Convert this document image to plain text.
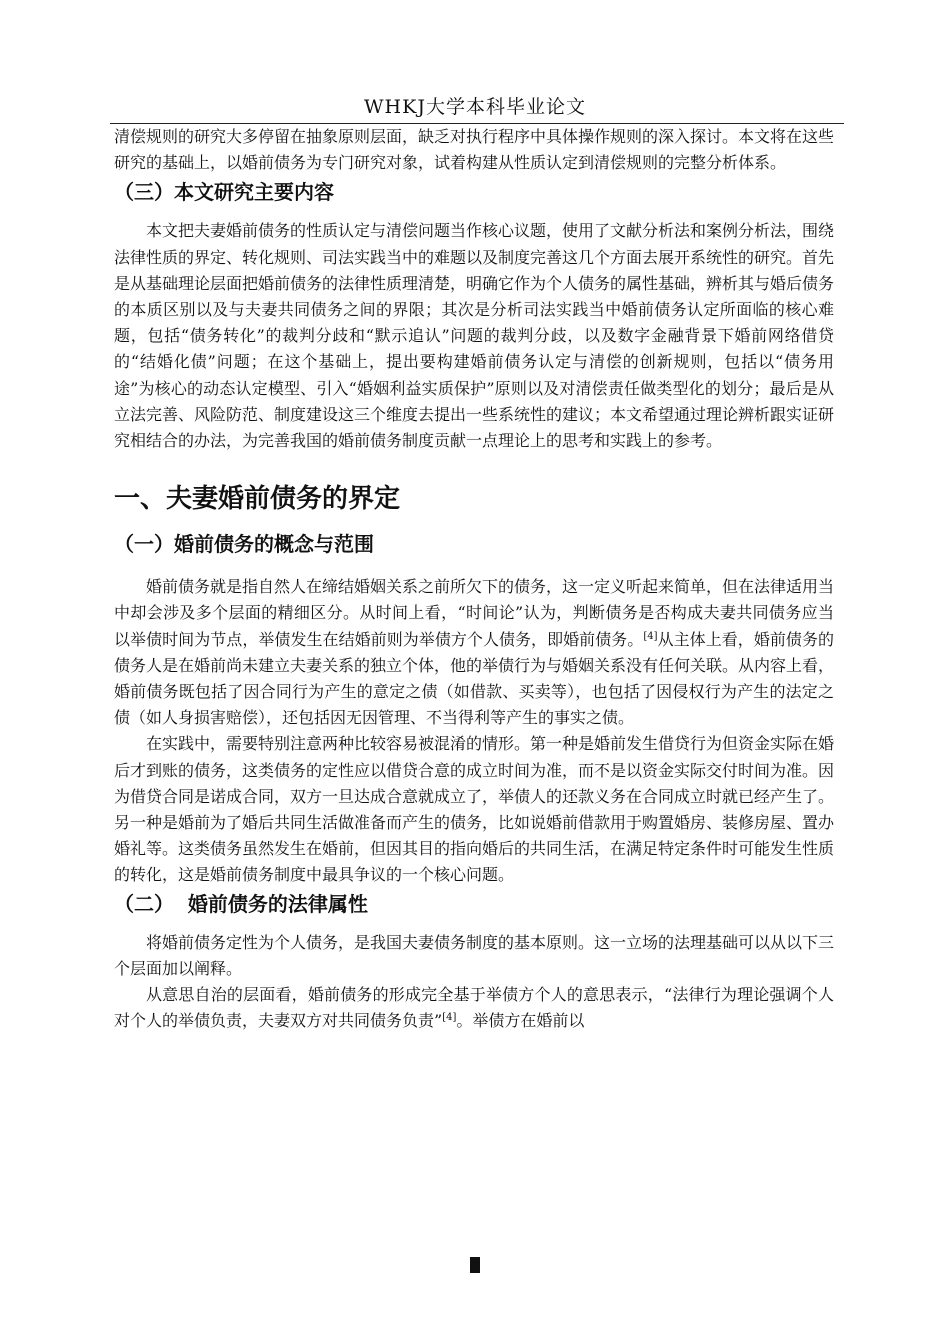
WHKJ大学本科毕业论文

清偿规则的研究大多停留在抽象原则层面，缺乏对执行程序中具体操作规则的深入探讨。本文将在这些研究的基础上，以婚前债务为专门研究对象，试着构建从性质认定到清偿规则的完整分析体系。

（三）本文研究主要内容

本文把夫妻婚前债务的性质认定与清偿问题当作核心议题，使用了文献分析法和案例分析法，围绕法律性质的界定、转化规则、司法实践当中的难题以及制度完善这几个方面去展开系统性的研究。首先是从基础理论层面把婚前债务的法律性质理清楚，明确它作为个人债务的属性基础，辨析其与婚后债务的本质区别以及与夫妻共同债务之间的界限；其次是分析司法实践当中婚前债务认定所面临的核心难题，包括“债务转化”的裁判分歧和“默示追认”问题的裁判分歧，以及数字金融背景下婚前网络借贷的“结婚化债”问题；在这个基础上，提出要构建婚前债务认定与清偿的创新规则，包括以“债务用途”为核心的动态认定模型、引入“婚姻利益实质保护”原则以及对清偿责任做类型化的划分；最后是从立法完善、风险防范、制度建设这三个维度去提出一些系统性的建议；本文希望通过理论辨析跟实证研究相结合的办法，为完善我国的婚前债务制度贡献一点理论上的思考和实践上的参考。

一、夫妻婚前债务的界定
（一）婚前债务的概念与范围

婚前债务就是指自然人在缔结婚姻关系之前所欠下的债务，这一定义听起来简单，但在法律适用当中却会涉及多个层面的精细区分。从时间上看，“时间论”认为，判断债务是否构成夫妻共同债务应当以举债时间为节点，举债发生在结婚前则为举债方个人债务，即婚前债务。[4]从主体上看，婚前债务的债务人是在婚前尚未建立夫妻关系的独立个体，他的举债行为与婚姻关系没有任何关联。从内容上看，婚前债务既包括了因合同行为产生的意定之债（如借款、买卖等），也包括了因侵权行为产生的法定之债（如人身损害赔偿），还包括因无因管理、不当得利等产生的事实之债。

在实践中，需要特别注意两种比较容易被混淆的情形。第一种是婚前发生借贷行为但资金实际在婚后才到账的债务，这类债务的定性应以借贷合意的成立时间为准，而不是以资金实际交付时间为准。因为借贷合同是诺成合同，双方一旦达成合意就成立了，举债人的还款义务在合同成立时就已经产生了。另一种是婚前为了婚后共同生活做准备而产生的债务，比如说婚前借款用于购置婚房、装修房屋、置办婚礼等。这类债务虽然发生在婚前，但因其目的指向婚后的共同生活，在满足特定条件时可能发生性质的转化，这是婚前债务制度中最具争议的一个核心问题。

（二）  婚前债务的法律属性

将婚前债务定性为个人债务，是我国夫妻债务制度的基本原则。这一立场的法理基础可以从以下三个层面加以阐释。

从意思自治的层面看，婚前债务的形成完全基于举债方个人的意思表示，“法律行为理论强调个人对个人的举债负责，夫妻双方对共同债务负责”[4]。举债方在婚前以
